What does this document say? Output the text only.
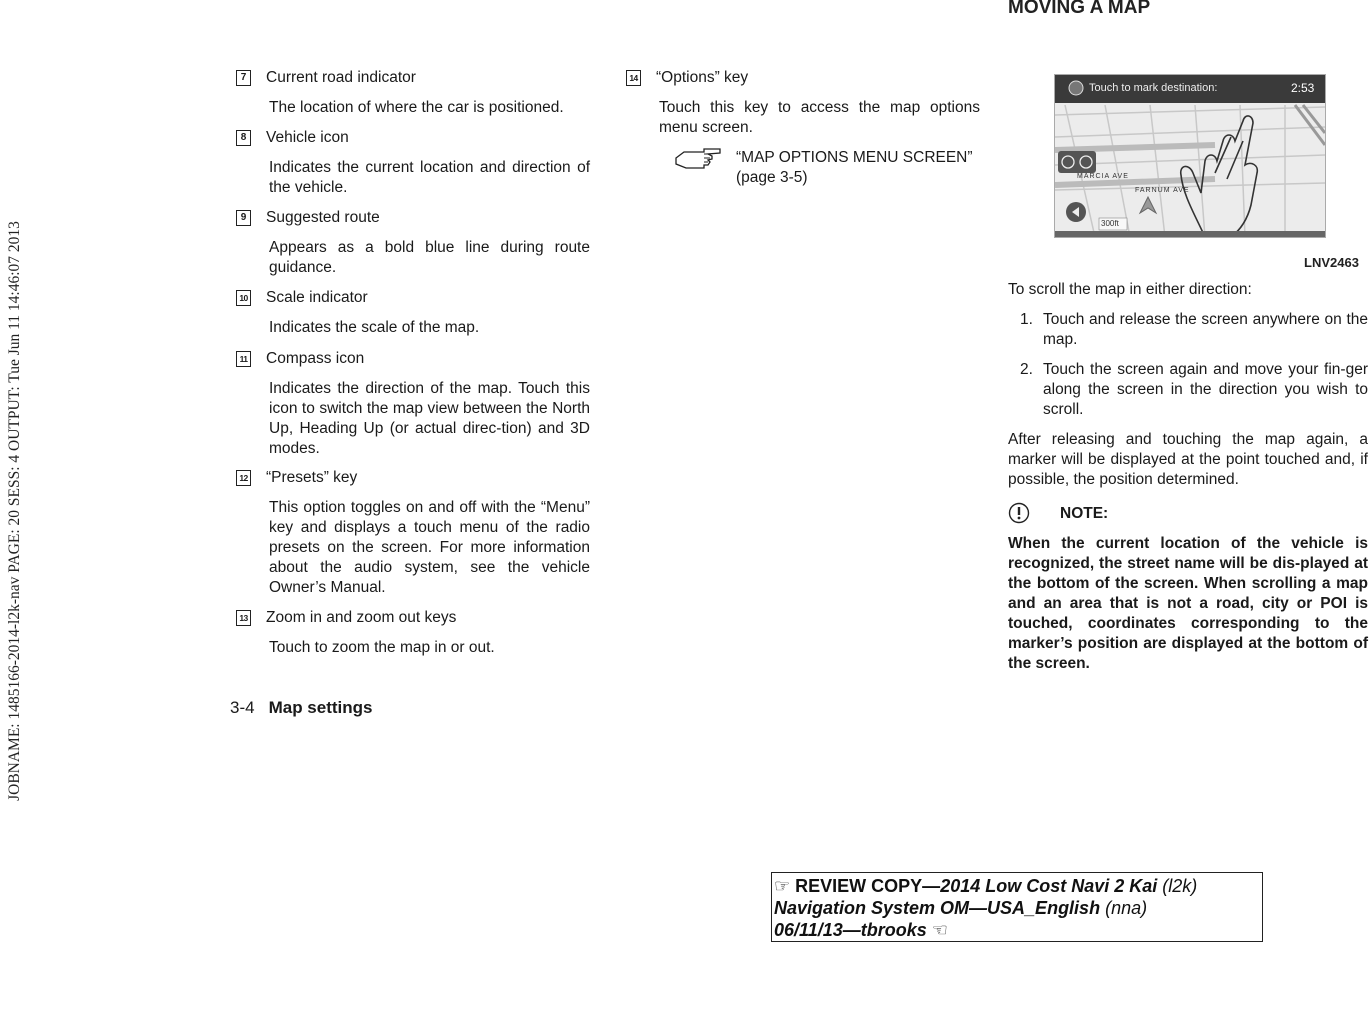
JOBNAME: 1485166-2014-l2k-nav PAGE: 20 SESS: 4 OUTPUT: Tue Jun 11 14:46:07 2013
MOVING A MAP
7	Current road indicator

The location of where the car is positioned.

8	Vehicle icon

Indicates the current location and direction of the vehicle.

9	Suggested route

Appears as a bold blue line during route guidance.

10 Scale indicator

Indicates the scale of the map.

11 Compass icon

Indicates the direction of the map. Touch this icon to switch the map view between the North Up, Heading Up (or actual direc-tion) and 3D modes.

12 “Presets” key

This option toggles on and off with the “Menu” key and displays a touch menu of the radio presets on the screen. For more information about the audio system, see the vehicle Owner’s Manual.

13 Zoom in and zoom out keys

Touch to zoom the map in or out.

3-4 Map settings
14 “Options” key

Touch this key to access the map options menu screen.

“MAP OPTIONS MENU SCREEN” (page 3-5)
Touch to mark destination:	2:53
MARCIA AVE
FARNUM AVE
300ft
LNV2463

To scroll the map in either direction:

1. Touch and release the screen anywhere on the map.
2. Touch the screen again and move your fin-ger along the screen in the direction you wish to scroll.

After releasing and touching the map again, a marker will be displayed at the point touched and, if possible, the position determined.

NOTE:
When the current location of the vehicle is recognized, the street name will be dis-played at the bottom of the screen. When scrolling a map and an area that is not a road, city or POI is touched, coordinates corresponding to the marker’s position are displayed at the bottom of the screen.
☞ REVIEW COPY—2014 Low Cost Navi 2 Kai (l2k)
Navigation System OM—USA_English (nna)
06/11/13—tbrooks ☜
